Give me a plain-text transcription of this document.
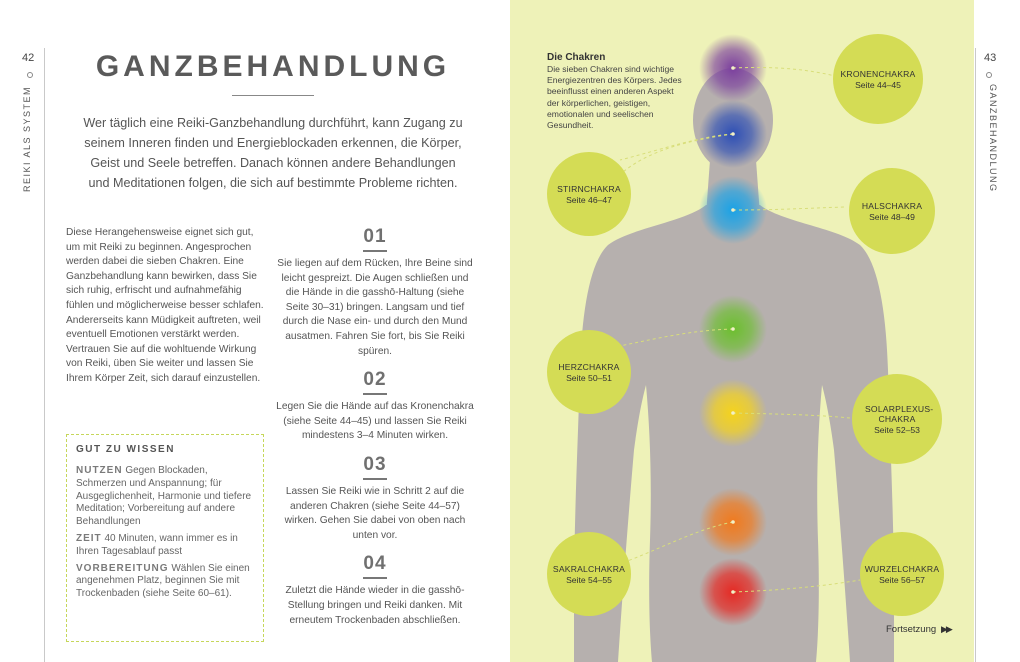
42
REIKI ALS SYSTEM
GANZBEHANDLUNG

Wer täglich eine Reiki-Ganzbehandlung durchführt, kann Zugang zu seinem Inneren finden und Energieblockaden erkennen, die Körper, Geist und Seele betreffen. Danach können andere Behandlungen und Meditationen folgen, die sich auf bestimmte Probleme richten.

Diese Herangehensweise eignet sich gut, um mit Reiki zu beginnen. Angesprochen werden dabei die sieben Chakren. Eine Ganzbehandlung kann bewirken, dass Sie sich ruhig, erfrischt und aufnahmefähig fühlen und möglicherweise besser schlafen. Andererseits kann Müdigkeit auftreten, weil eventuell Emotionen verstärkt werden. Vertrauen Sie auf die wohltuende Wirkung von Reiki, üben Sie weiter und lassen Sie Ihrem Körper Zeit, sich darauf einzustellen.

GUT ZU WISSEN

NUTZEN Gegen Blockaden, Schmerzen und Anspannung; für Ausgeglichenheit, Harmonie und tiefere Meditation; Vorbereitung auf andere Behandlungen

ZEIT 40 Minuten, wann immer es in Ihren Tagesablauf passt

VORBEREITUNG Wählen Sie einen angenehmen Platz, beginnen Sie mit Trockenbaden (siehe Seite 60–61).

01

Sie liegen auf dem Rücken, Ihre Beine sind leicht gespreizt. Die Augen schließen und die Hände in die gasshō-Haltung (siehe Seite 30–31) bringen. Langsam und tief durch die Nase ein- und durch den Mund ausatmen. Fahren Sie fort, bis Sie Reiki spüren.

02

Legen Sie die Hände auf das Kronenchakra (siehe Seite 44–45) und lassen Sie Reiki mindestens 3–4 Minuten wirken.

03

Lassen Sie Reiki wie in Schritt 2 auf die anderen Chakren (siehe Seite 44–57) wirken. Gehen Sie dabei von oben nach unten vor.

04

Zuletzt die Hände wieder in die gasshō-Stellung bringen und Reiki danken. Mit erneutem Trockenbaden abschließen.

43
GANZBEHANDLUNG
Die Chakren

Die sieben Chakren sind wichtige Energiezentren des Körpers. Jedes beeinflusst einen anderen Aspekt der körperlichen, geistigen, emotionalen und seelischen Gesundheit.

KRONENCHAKRA
Seite 44–45
STIRNCHAKRA
Seite 46–47
HALSCHAKRA
Seite 48–49
HERZCHAKRA
Seite 50–51
SOLARPLEXUS-CHAKRA
Seite 52–53
SAKRALCHAKRA
Seite 54–55
WURZELCHAKRA
Seite 56–57
Fortsetzung ▶▶
